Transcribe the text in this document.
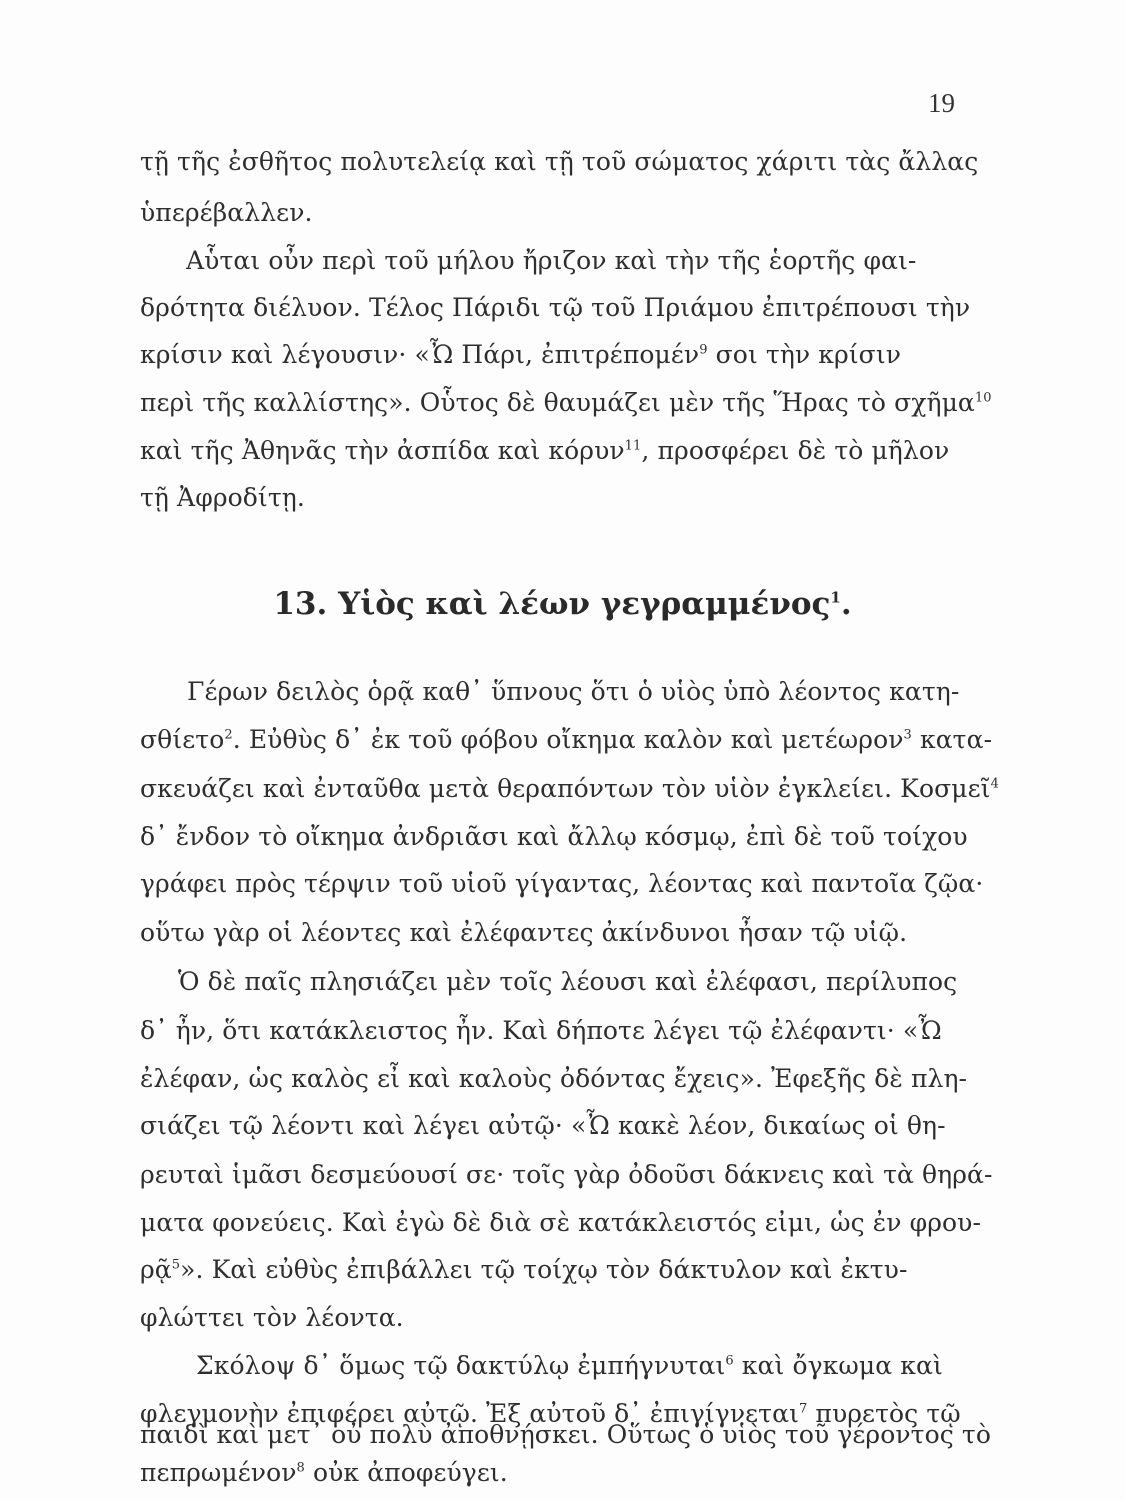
19
τῇ τῆς ἐσθῆτος πολυτελείᾳ καὶ τῇ τοῦ σώματος χάριτι τὰς ἄλλας
ὑπερέβαλλεν.
Αὗται οὖν περὶ τοῦ μήλου ἤριζον καὶ τὴν τῆς ἑορτῆς φαι-
δρότητα διέλυον. Τέλος Πάριδι τῷ τοῦ Πριάμου ἐπιτρέπουσι τὴν
κρίσιν καὶ λέγουσιν· «Ὦ Πάρι, ἐπιτρέπομέν$^9$ σοι τὴν κρίσιν
περὶ τῆς καλλίστης». Οὗτος δὲ θαυμάζει μὲν τῆς Ἥρας τὸ σχῆμα$^{10}$
καὶ τῆς Ἀθηνᾶς τὴν ἀσπίδα καὶ κόρυν$^{11}$, προσφέρει δὲ τὸ μῆλον
τῇ Ἀφροδίτῃ.
13. Υἱὸς καὶ λέων γεγραμμένος$^1$.
Γέρων δειλὸς ὁρᾷ καθ᾽ ὕπνους ὅτι ὁ υἱὸς ὑπὸ λέοντος κατη-
σθίετο$^2$. Εὐθὺς δ᾽ ἐκ τοῦ φόβου οἴκημα καλὸν καὶ μετέωρον$^3$ κατα-
σκευάζει καὶ ἐνταῦθα μετὰ θεραπόντων τὸν υἱὸν ἐγκλείει. Κοσμεῖ$^4$
δ᾽ ἔνδον τὸ οἴκημα ἀνδριᾶσι καὶ ἄλλῳ κόσμῳ, ἐπὶ δὲ τοῦ τοίχου
γράφει πρὸς τέρψιν τοῦ υἱοῦ γίγαντας, λέοντας καὶ παντοῖα ζῷα·
οὕτω γὰρ οἱ λέοντες καὶ ἐλέφαντες ἀκίνδυνοι ἦσαν τῷ υἱῷ.
Ὁ δὲ παῖς πλησιάζει μὲν τοῖς λέουσι καὶ ἐλέφασι, περίλυπος
δ᾽ ἦν, ὅτι κατάκλειστος ἦν. Καὶ δήποτε λέγει τῷ ἐλέφαντι· «Ὦ
ἐλέφαν, ὡς καλὸς εἶ καὶ καλοὺς ὀδόντας ἔχεις». Ἐφεξῆς δὲ πλη-
σιάζει τῷ λέοντι καὶ λέγει αὐτῷ· «Ὦ κακὲ λέον, δικαίως οἱ θη-
ρευταὶ ἱμᾶσι δεσμεύουσί σε· τοῖς γὰρ ὀδοῦσι δάκνεις καὶ τὰ θηρά-
ματα φονεύεις. Καὶ ἐγὼ δὲ διὰ σὲ κατάκλειστός εἰμι, ὡς ἐν φρου-
ρᾷ$^5$». Καὶ εὐθὺς ἐπιβάλλει τῷ τοίχῳ τὸν δάκτυλον καὶ ἐκτυ-
φλώττει τὸν λέοντα.
Σκόλοψ δ᾽ ὅμως τῷ δακτύλῳ ἐμπήγνυται$^6$ καὶ ὄγκωμα καὶ
φλεγμονὴν ἐπιφέρει αὐτῷ. Ἐξ αὐτοῦ δ᾽ ἐπιγίγνεται$^7$ πυρετὸς τῷ
παιδὶ καὶ μετ᾽ οὐ πολὺ ἀποθνῄσκει. Οὕτως ὁ υἱὸς τοῦ γέροντος τὸ
πεπρωμένον$^8$ οὐκ ἀποφεύγει.
